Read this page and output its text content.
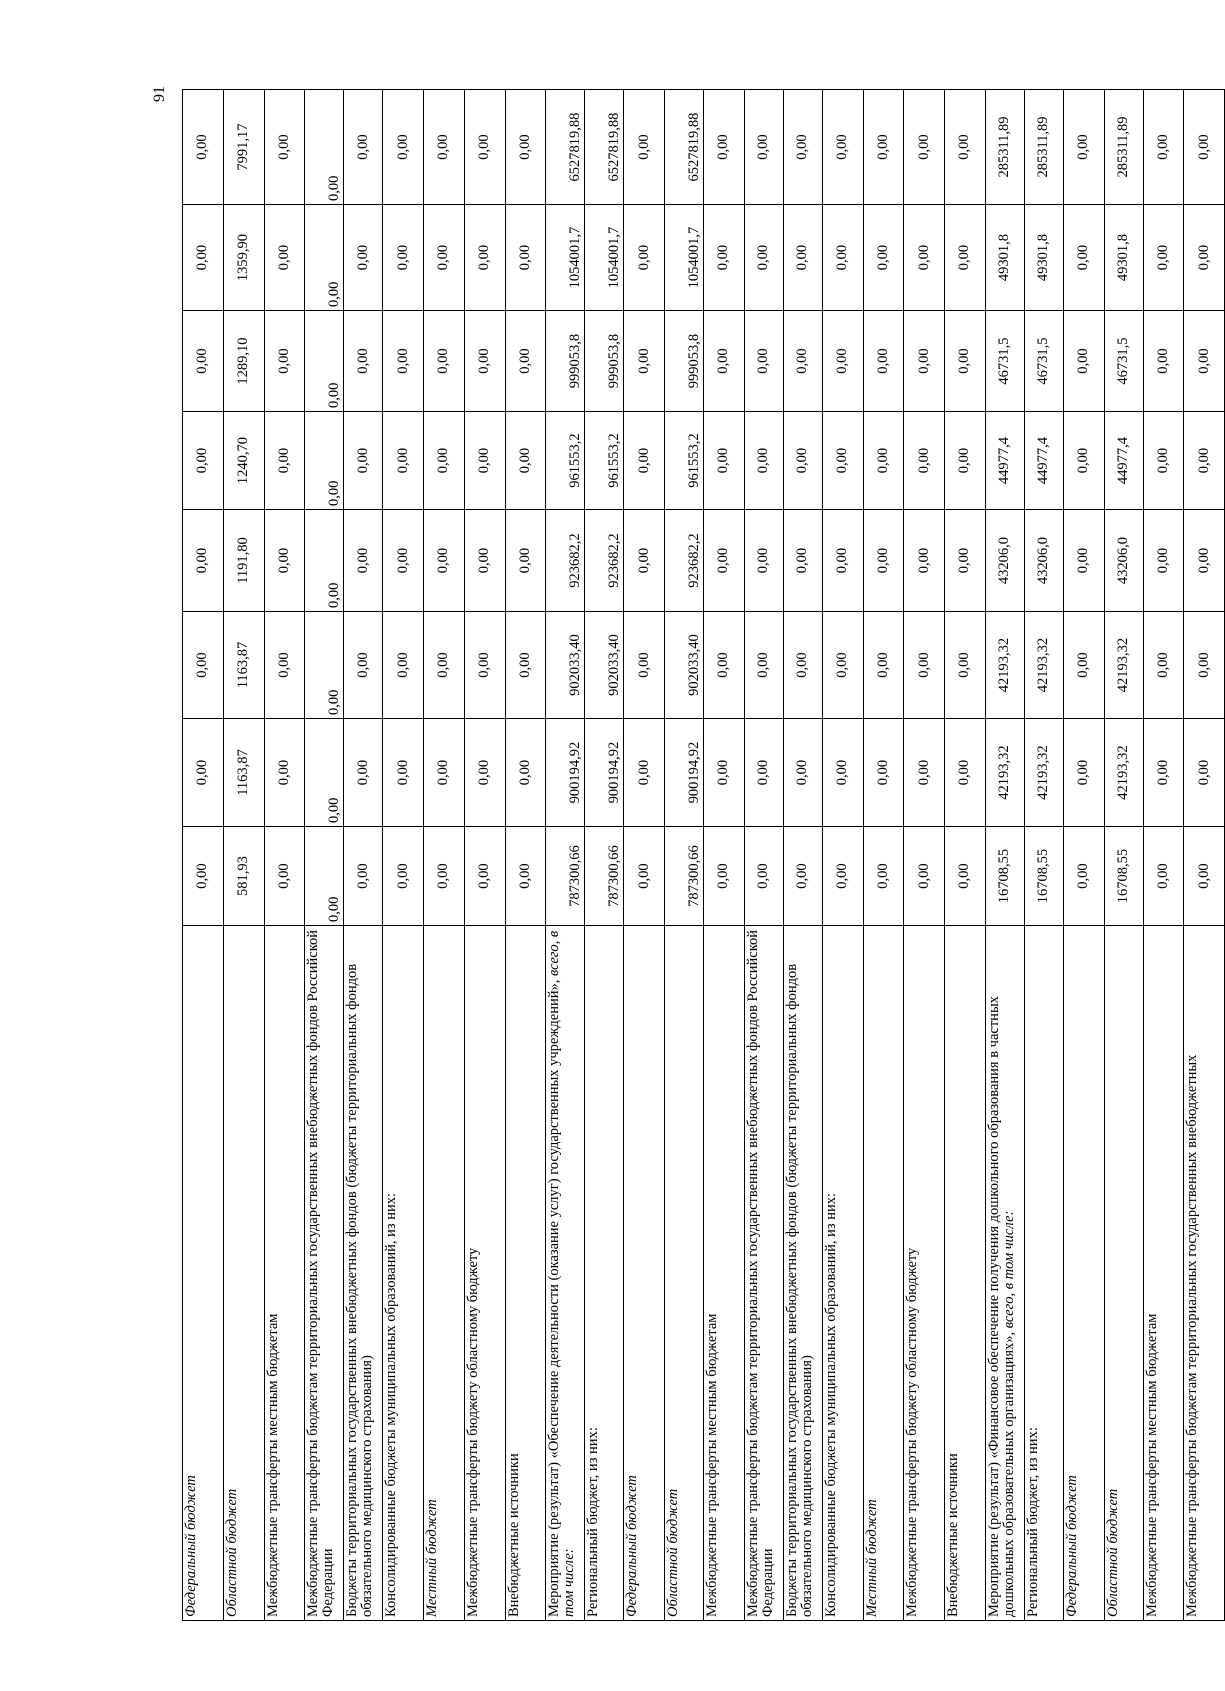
91
Федеральный бюджет	0,00	0,00	0,00	0,00	0,00	0,00	0,00	0,00
Областной бюджет	581,93	1163,87	1163,87	1191,80	1240,70	1289,10	1359,90	7991,17
Межбюджетные трансферты местным бюджетам	0,00	0,00	0,00	0,00	0,00	0,00	0,00	0,00
Межбюджетные трансферты бюджетам территориальных государственных внебюджетных фондов Российской Федерации	0,00	0,00	0,00	0,00	0,00	0,00	0,00	0,00
Бюджеты территориальных государственных внебюджетных фондов (бюджеты территориальных фондов обязательного медицинского страхования)	0,00	0,00	0,00	0,00	0,00	0,00	0,00	0,00
Консолидированные бюджеты муниципальных образований, из них:	0,00	0,00	0,00	0,00	0,00	0,00	0,00	0,00
Местный бюджет	0,00	0,00	0,00	0,00	0,00	0,00	0,00	0,00
Межбюджетные трансферты бюджету областному бюджету	0,00	0,00	0,00	0,00	0,00	0,00	0,00	0,00
Внебюджетные источники	0,00	0,00	0,00	0,00	0,00	0,00	0,00	0,00
Мероприятие (результат) «Обеспечение деятельности (оказание услуг) государственных учреждений», всего, в том числе:	787300,66	900194,92	902033,40	923682,2	961553,2	999053,8	1054001,7	6527819,88
Региональный бюджет, из них:	787300,66	900194,92	902033,40	923682,2	961553,2	999053,8	1054001,7	6527819,88
Федеральный бюджет	0,00	0,00	0,00	0,00	0,00	0,00	0,00	0,00
Областной бюджет	787300,66	900194,92	902033,40	923682,2	961553,2	999053,8	1054001,7	6527819,88
Межбюджетные трансферты местным бюджетам	0,00	0,00	0,00	0,00	0,00	0,00	0,00	0,00
Межбюджетные трансферты бюджетам территориальных государственных внебюджетных фондов Российской Федерации	0,00	0,00	0,00	0,00	0,00	0,00	0,00	0,00
Бюджеты территориальных государственных внебюджетных фондов (бюджеты территориальных фондов обязательного медицинского страхования)	0,00	0,00	0,00	0,00	0,00	0,00	0,00	0,00
Консолидированные бюджеты муниципальных образований, из них:	0,00	0,00	0,00	0,00	0,00	0,00	0,00	0,00
Местный бюджет	0,00	0,00	0,00	0,00	0,00	0,00	0,00	0,00
Межбюджетные трансферты бюджету областному бюджету	0,00	0,00	0,00	0,00	0,00	0,00	0,00	0,00
Внебюджетные источники	0,00	0,00	0,00	0,00	0,00	0,00	0,00	0,00
Мероприятие (результат) «Финансовое обеспечение получения дошкольного образования в частных дошкольных образовательных организациях», всего, в том числе:	16708,55	42193,32	42193,32	43206,0	44977,4	46731,5	49301,8	285311,89
Региональный бюджет, из них:	16708,55	42193,32	42193,32	43206,0	44977,4	46731,5	49301,8	285311,89
Федеральный бюджет	0,00	0,00	0,00	0,00	0,00	0,00	0,00	0,00
Областной бюджет	16708,55	42193,32	42193,32	43206,0	44977,4	46731,5	49301,8	285311,89
Межбюджетные трансферты местным бюджетам	0,00	0,00	0,00	0,00	0,00	0,00	0,00	0,00
Межбюджетные трансферты бюджетам территориальных государственных внебюджетных	0,00	0,00	0,00	0,00	0,00	0,00	0,00	0,00
